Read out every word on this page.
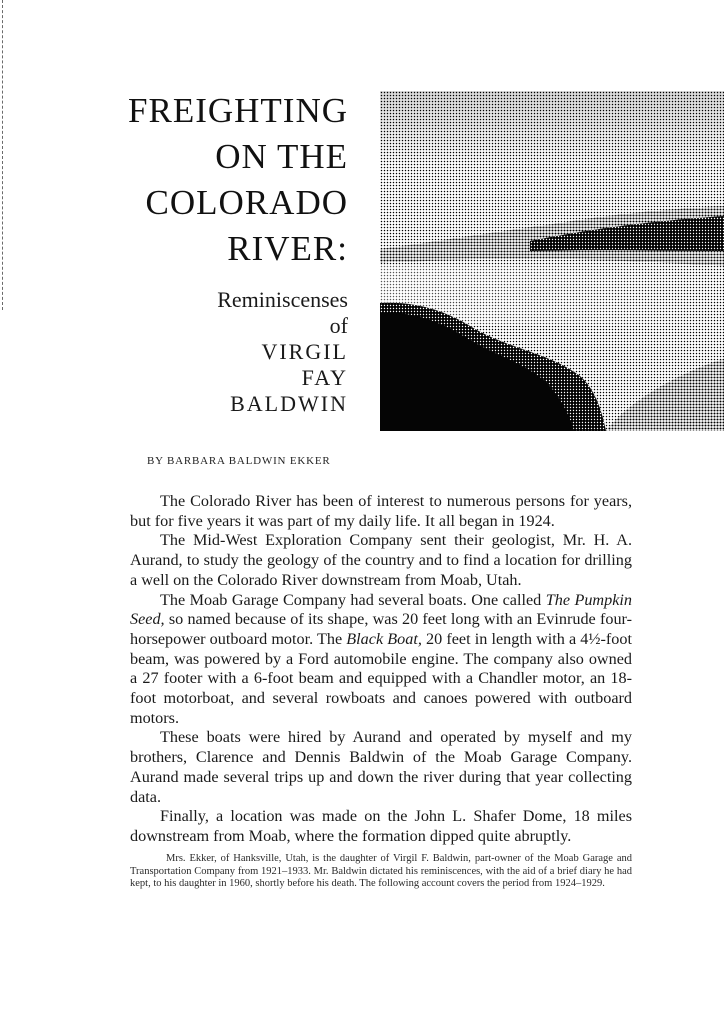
FREIGHTING
ON THE
COLORADO
RIVER:
Reminiscenses
of
VIRGIL
FAY
BALDWIN
BY BARBARA BALDWIN EKKER

The Colorado River has been of interest to numerous persons for years, but for five years it was part of my daily life. It all began in 1924.

The Mid-West Exploration Company sent their geologist, Mr. H. A. Aurand, to study the geology of the country and to find a location for drilling a well on the Colorado River downstream from Moab, Utah.

The Moab Garage Company had several boats. One called The Pumpkin Seed, so named because of its shape, was 20 feet long with an Evinrude four-horsepower outboard motor. The Black Boat, 20 feet in length with a 4½-foot beam, was powered by a Ford automobile engine. The company also owned a 27 footer with a 6-foot beam and equipped with a Chandler motor, an 18-foot motorboat, and several rowboats and canoes powered with outboard motors.

These boats were hired by Aurand and operated by myself and my brothers, Clarence and Dennis Baldwin of the Moab Garage Company. Aurand made several trips up and down the river during that year collecting data.

Finally, a location was made on the John L. Shafer Dome, 18 miles downstream from Moab, where the formation dipped quite abruptly.

Mrs. Ekker, of Hanksville, Utah, is the daughter of Virgil F. Baldwin, part-owner of the Moab Garage and Transportation Company from 1921–1933. Mr. Baldwin dictated his reminiscences, with the aid of a brief diary he had kept, to his daughter in 1960, shortly before his death. The following account covers the period from 1924–1929.
